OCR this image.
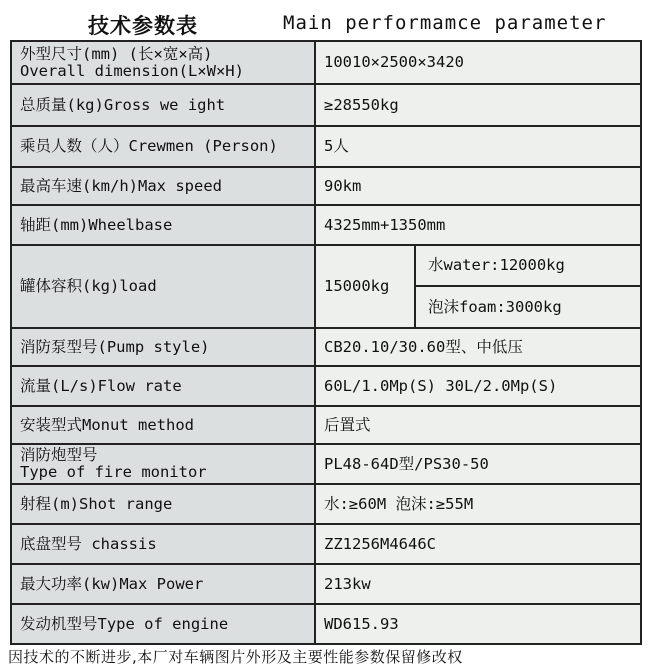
技术参数表	Main performamce parameter
外型尺寸(mm) (长×宽×高)
Overall dimension(L×W×H)	10010×2500×3420	
总质量(kg)Gross we ight	≥28550kg	
乘员人数（人）Crewmen (Person)	5人	
最高车速(km/h)Max speed	90km	
轴距(mm)Wheelbase	4325mm+1350mm	
罐体容积(kg)load	15000kg	水water:12000kg
		泡沫foam:3000kg
消防泵型号(Pump style)	CB20.10/30.60型、中低压	
流量(L/s)Flow rate	60L/1.0Mp(S) 30L/2.0Mp(S)	
安装型式Monut method	后置式	

消防炮型号
Type of fire monitor	PL48-64D型/PS30-50	
射程(m)Shot range	水:≥60M 泡沫:≥55M	
底盘型号 chassis	ZZ1256M4646C	
最大功率(kw)Max Power	213kw	
发动机型号Type of engine	WD615.93	
因技术的不断进步,本厂对车辆图片外形及主要性能参数保留修改权
